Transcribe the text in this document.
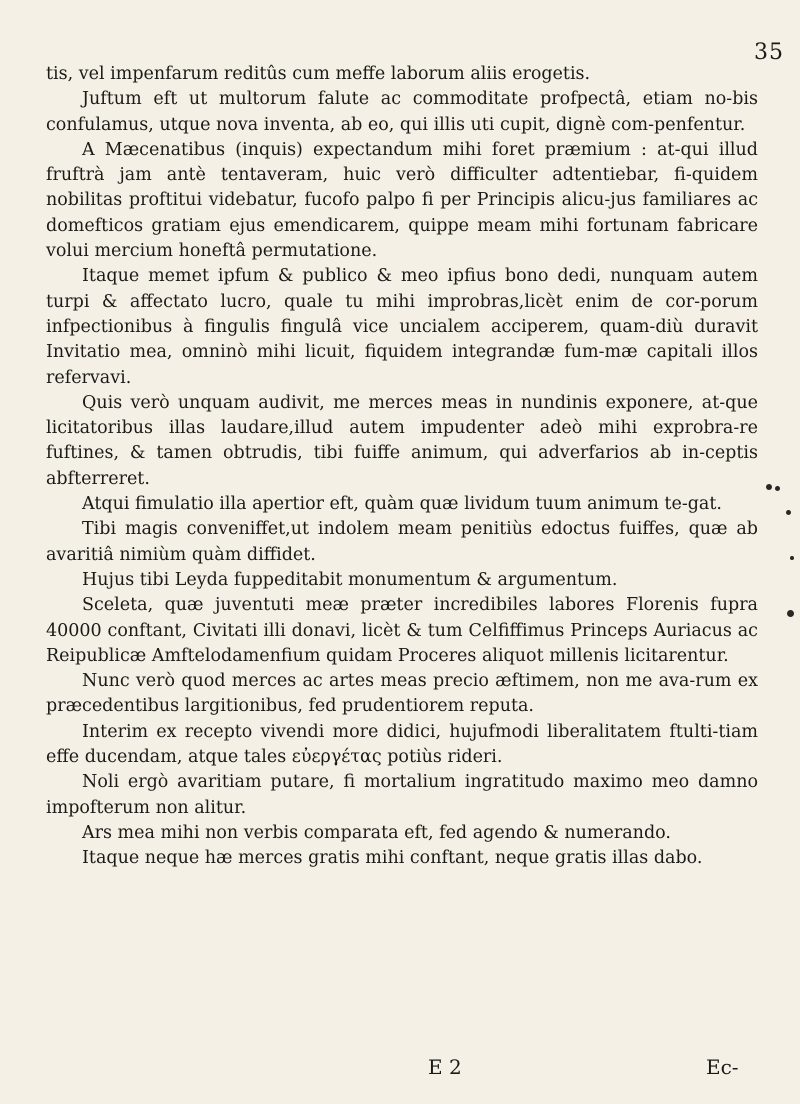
35

tis, vel impenfarum reditûs cum meffe laborum aliis erogetis.

Juftum eft ut multorum falute ac commoditate profpectâ, etiam no-bis confulamus, utque nova inventa, ab eo, qui illis uti cupit, dignè com-penfentur.

A Mæcenatibus (inquis) expectandum mihi foret præmium : at-qui illud fruftrà jam antè tentaveram, huic verò difficulter adtentiebar, fi-quidem nobilitas proftitui videbatur, fucofo palpo fi per Principis alicu-jus familiares ac domefticos gratiam ejus emendicarem, quippe meam mihi fortunam fabricare volui mercium honeftâ permutatione.

Itaque memet ipfum & publico & meo ipfius bono dedi, nunquam autem turpi & affectato lucro, quale tu mihi improbras,licèt enim de cor-porum infpectionibus à fingulis fingulâ vice uncialem acciperem, quam-diù duravit Invitatio mea, omninò mihi licuit, fiquidem integrandæ fum-mæ capitali illos refervavi.

Quis verò unquam audivit, me merces meas in nundinis exponere, at-que licitatoribus illas laudare,illud autem impudenter adeò mihi exprobra-re fuftines, & tamen obtrudis, tibi fuiffe animum, qui adverfarios ab in-ceptis abfterreret.

Atqui fimulatio illa apertior eft, quàm quæ lividum tuum animum te-gat.

Tibi magis conveniffet,ut indolem meam penitiùs edoctus fuiffes, quæ ab avaritiâ nimiùm quàm diffidet.

Hujus tibi Leyda fuppeditabit monumentum & argumentum.

Sceleta, quæ juventuti meæ præter incredibiles labores Florenis fupra 40000 conftant, Civitati illi donavi, licèt & tum Celfiffimus Princeps Auriacus ac Reipublicæ Amftelodamenfium quidam Proceres aliquot millenis licitarentur.

Nunc verò quod merces ac artes meas precio æftimem, non me ava-rum ex præcedentibus largitionibus, fed prudentiorem reputa.

Interim ex recepto vivendi more didici, hujufmodi liberalitatem ftulti-tiam effe ducendam, atque tales εὐεργέτας potiùs rideri.

Noli ergò avaritiam putare, fi mortalium ingratitudo maximo meo damno impofterum non alitur.

Ars mea mihi non verbis comparata eft, fed agendo & numerando.

Itaque neque hæ merces gratis mihi conftant, neque gratis illas dabo.

E 2	Ec-
